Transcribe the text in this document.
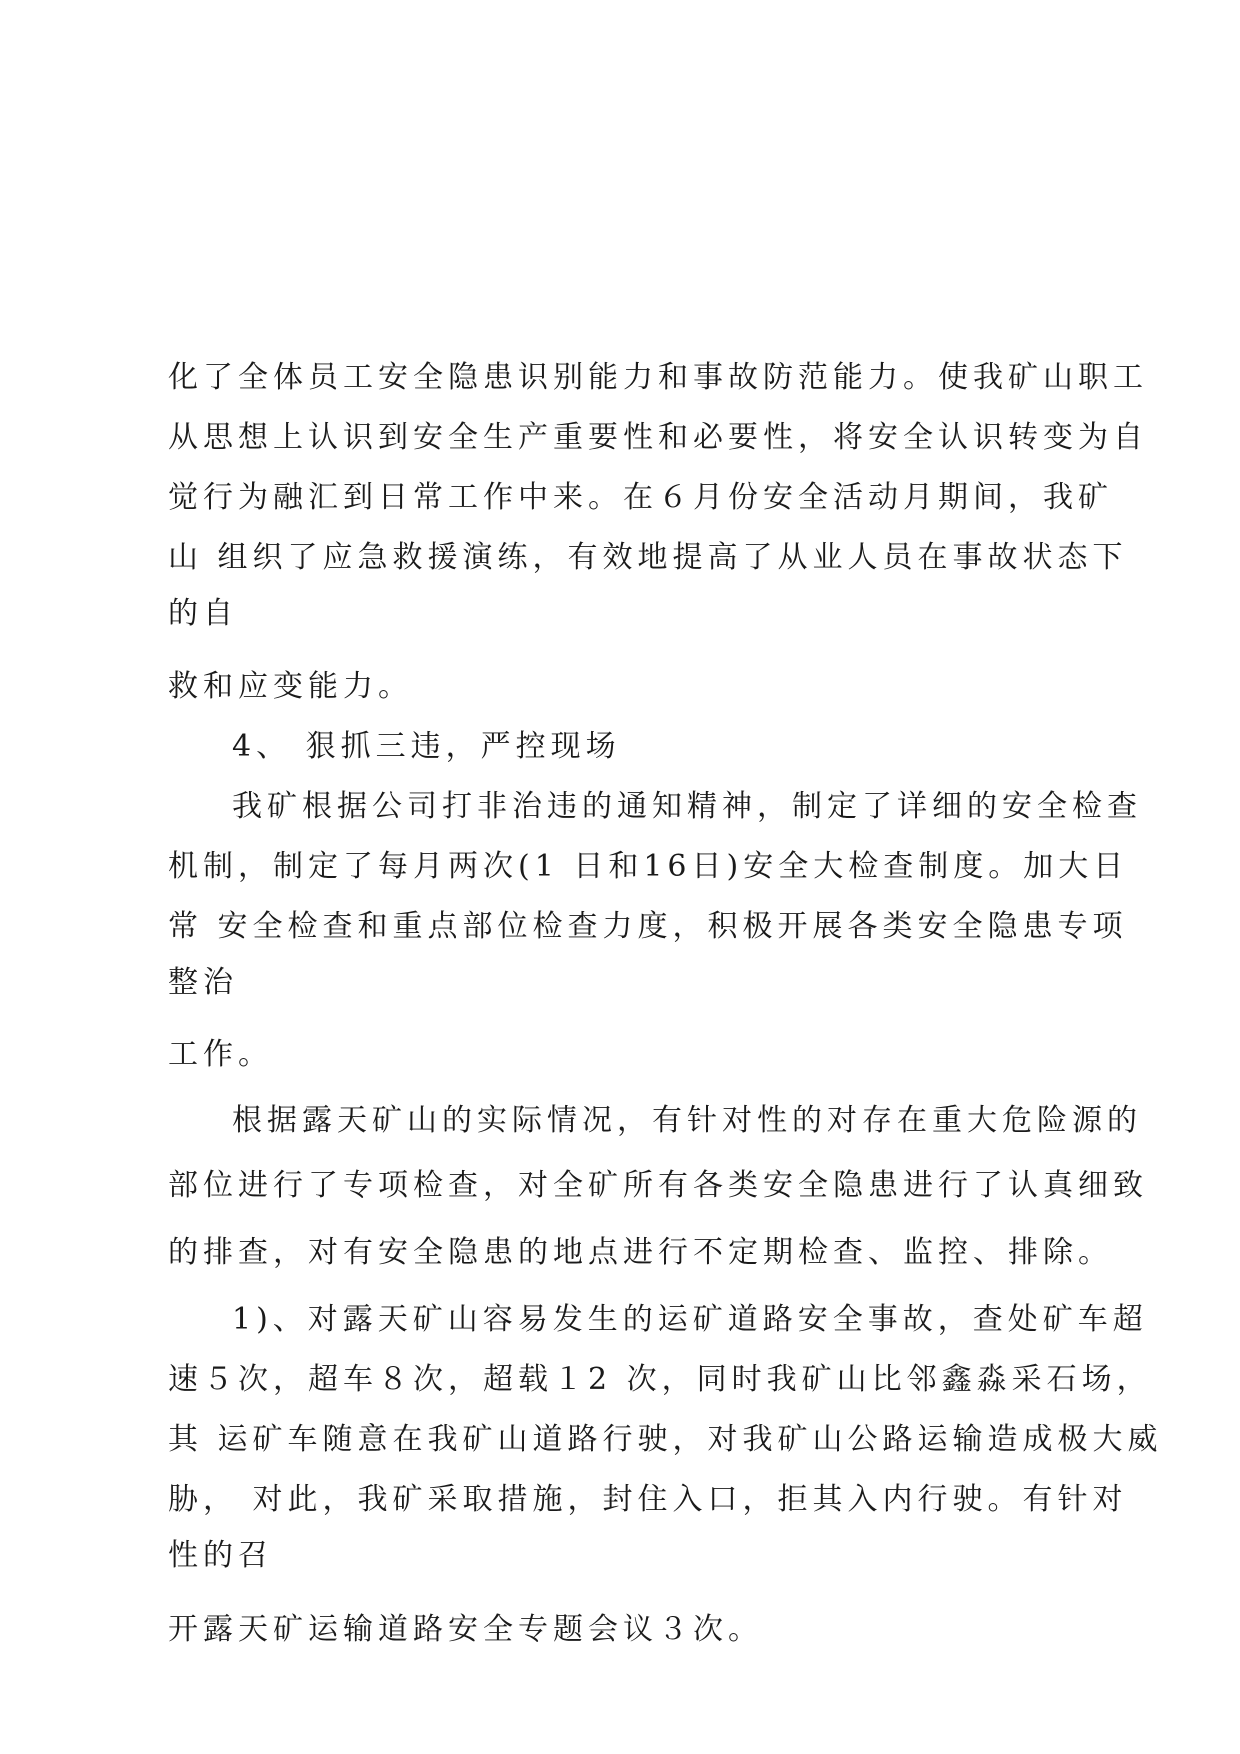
化了全体员工安全隐患识别能力和事故防范能力。使我矿山职工
从思想上认识到安全生产重要性和必要性，将安全认识转变为自
觉行为融汇到日常工作中来。在６月份安全活动月期间，我矿
山 组织了应急救援演练，有效地提高了从业人员在事故状态下
的自
救和应变能力。
4、 狠抓三违，严控现场
我矿根据公司打非治违的通知精神，制定了详细的安全检查
机制，制定了每月两次(1 日和16日)安全大检查制度。加大日
常 安全检查和重点部位检查力度，积极开展各类安全隐患专项
整治
工作。
根据露天矿山的实际情况，有针对性的对存在重大危险源的
部位进行了专项检查，对全矿所有各类安全隐患进行了认真细致
的排查，对有安全隐患的地点进行不定期检查、监控、排除。
1)、对露天矿山容易发生的运矿道路安全事故，查处矿车超
速５次，超车８次，超载１2 次，同时我矿山比邻鑫淼采石场，
其 运矿车随意在我矿山道路行驶，对我矿山公路运输造成极大威
胁， 对此，我矿采取措施，封住入口，拒其入内行驶。有针对
性的召
开露天矿运输道路安全专题会议３次。
